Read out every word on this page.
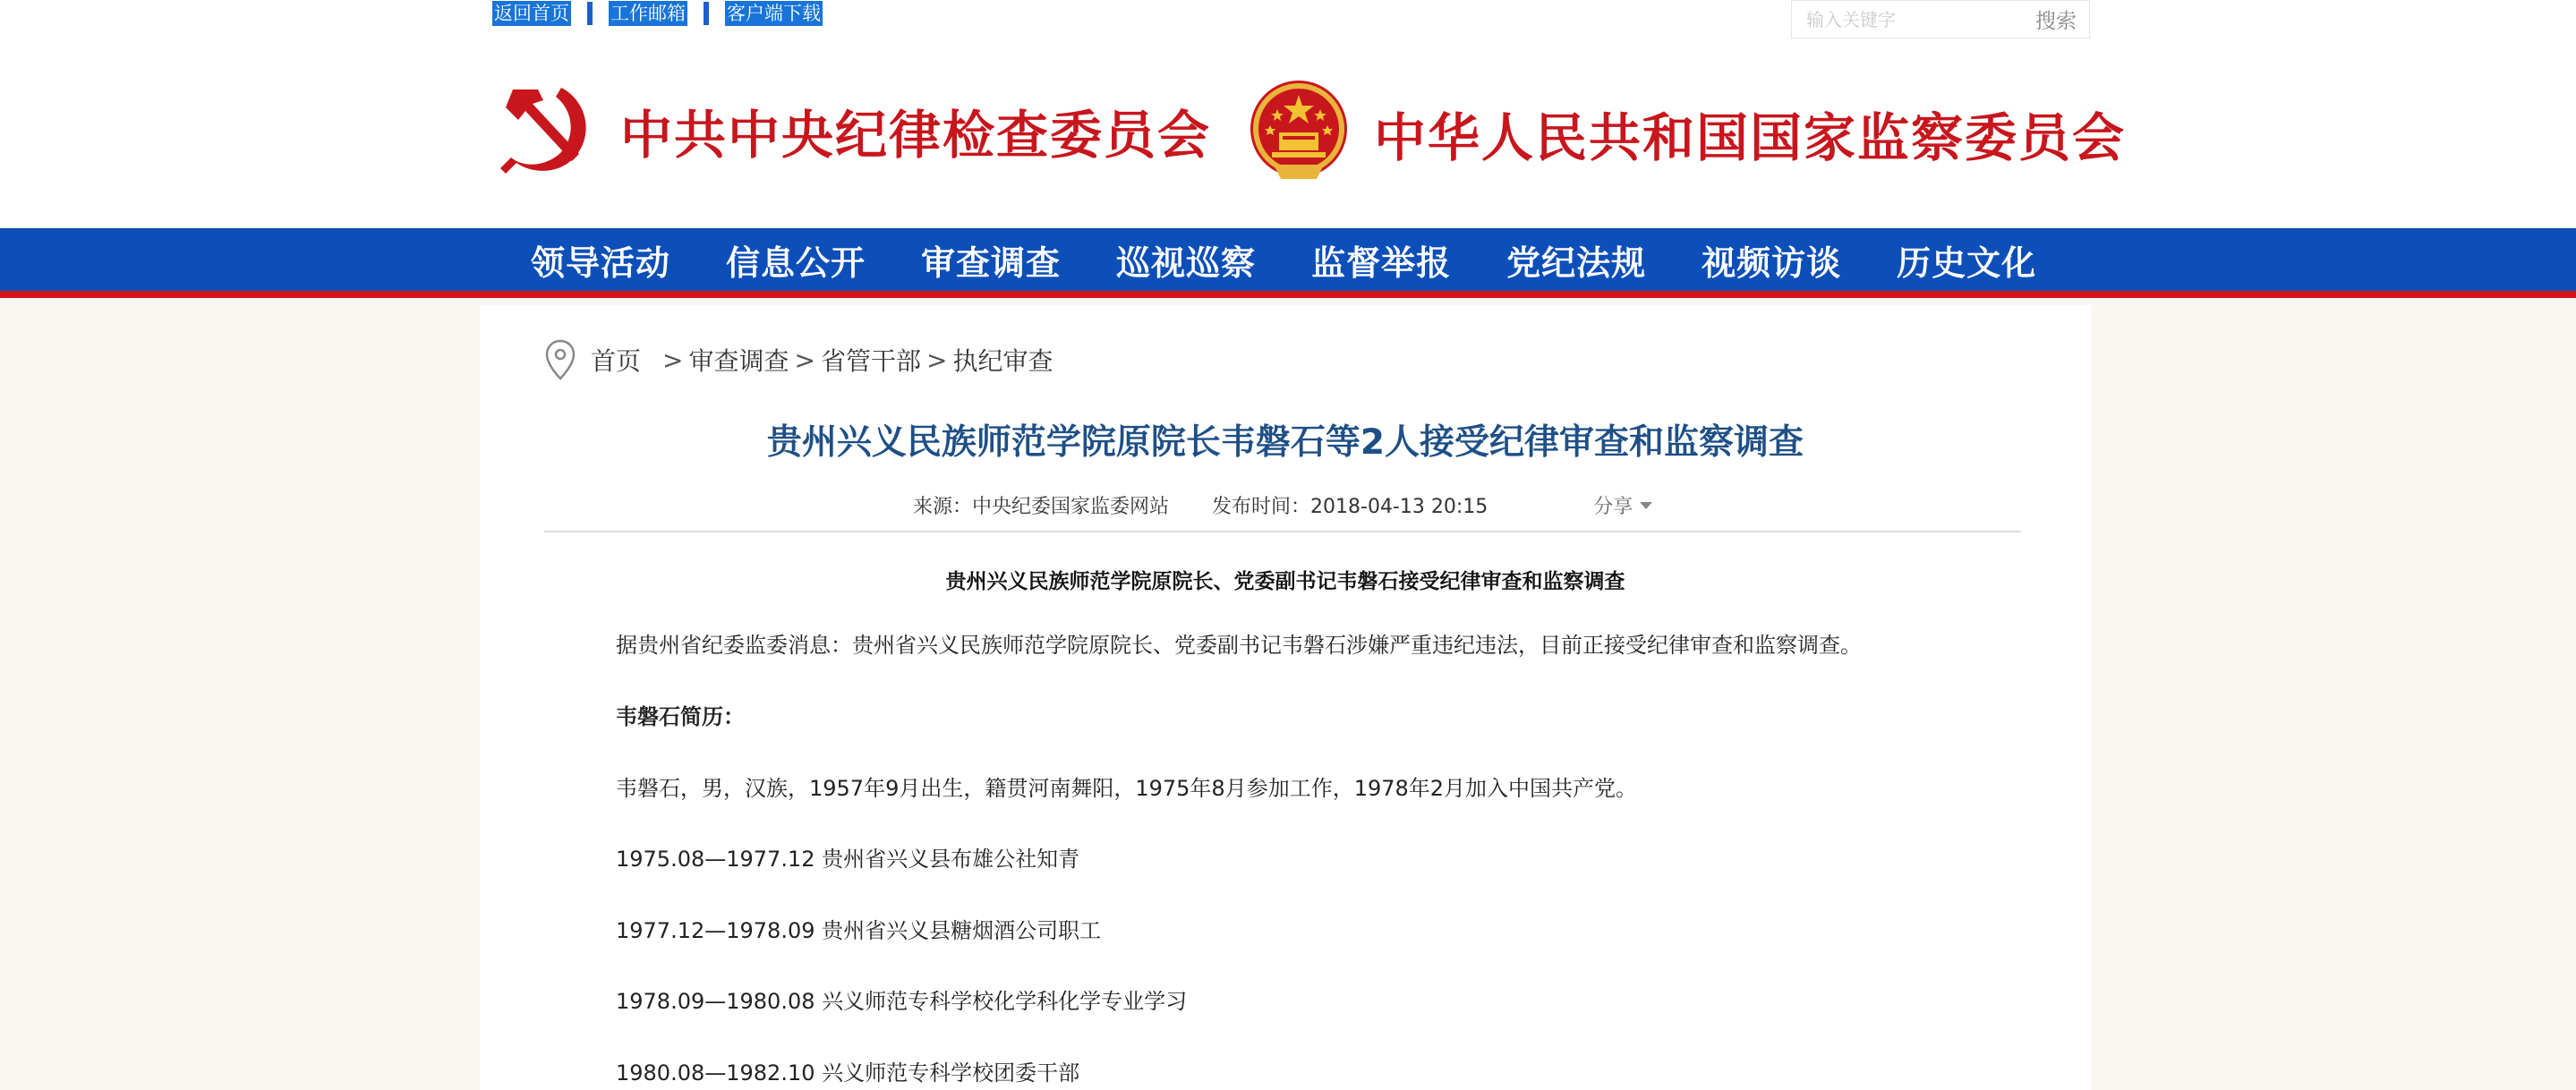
返回首页 工作邮箱 客户端下载
输入关键字	搜索
中共中央纪律检查委员会	中华人民共和国国家监察委员会
领导活动 信息公开 审查调查 巡视巡察 监督举报 党纪法规 视频访谈 历史文化
首页 > 审查调查 > 省管干部 > 执纪审查
贵州兴义民族师范学院原院长韦磐石等2人接受纪律审查和监察调查
来源：中央纪委国家监委网站 发布时间：2018-04-13 20:15	分享
贵州兴义民族师范学院原院长、党委副书记韦磐石接受纪律审查和监察调查

据贵州省纪委监委消息：贵州省兴义民族师范学院原院长、党委副书记韦磐石涉嫌严重违纪违法，目前正接受纪律审查和监察调查。

韦磐石简历：

韦磐石，男，汉族，1957年9月出生，籍贯河南舞阳，1975年8月参加工作，1978年2月加入中国共产党。

1975.08—1977.12 贵州省兴义县布雄公社知青

1977.12—1978.09 贵州省兴义县糖烟酒公司职工

1978.09—1980.08 兴义师范专科学校化学科化学专业学习

1980.08—1982.10 兴义师范专科学校团委干部
